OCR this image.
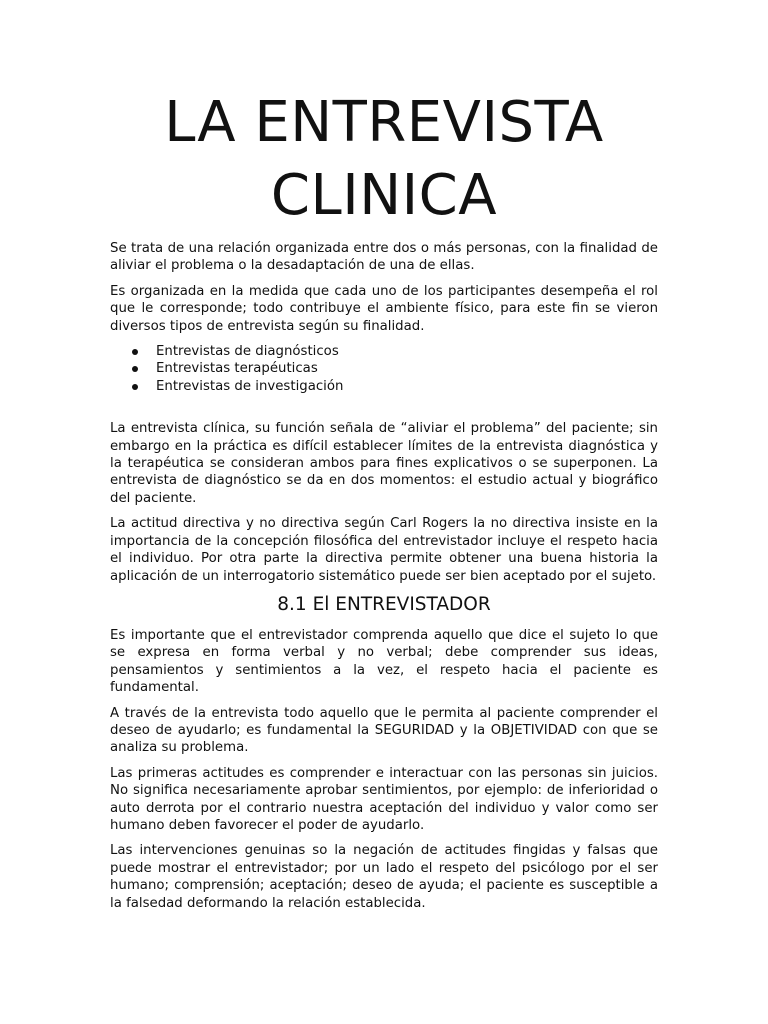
LA ENTREVISTA
CLINICA

Se trata de una relación organizada entre dos o más personas, con la finalidad de aliviar el problema o la desadaptación de una de ellas.

Es organizada en la medida que cada uno de los participantes desempeña el rol que le corresponde; todo contribuye el ambiente físico, para este fin se vieron diversos tipos de entrevista según su finalidad.

Entrevistas de diagnósticos
Entrevistas terapéuticas
Entrevistas de investigación

La entrevista clínica, su función señala de “aliviar el problema” del paciente; sin embargo en la práctica es difícil establecer límites de la entrevista diagnóstica y la terapéutica se consideran ambos para fines explicativos o se superponen. La entrevista de diagnóstico se da en dos momentos: el estudio actual y biográfico del paciente.

La actitud directiva y no directiva según Carl Rogers la no directiva insiste en la importancia de la concepción filosófica del entrevistador incluye el respeto hacia el individuo. Por otra parte la directiva permite obtener una buena historia la aplicación de un interrogatorio sistemático puede ser bien aceptado por el sujeto.

8.1 El ENTREVISTADOR

Es importante que el entrevistador comprenda aquello que dice el sujeto lo que se expresa en forma verbal y no verbal; debe comprender sus ideas, pensamientos y sentimientos a la vez, el respeto hacia el paciente es fundamental.

A través de la entrevista todo aquello que le permita al paciente comprender el deseo de ayudarlo; es fundamental la SEGURIDAD y la OBJETIVIDAD con que se analiza su problema.

Las primeras actitudes es comprender e interactuar con las personas sin juicios. No significa necesariamente aprobar sentimientos, por ejemplo: de inferioridad o auto derrota por el contrario nuestra aceptación del individuo y valor como ser humano deben favorecer el poder de ayudarlo.

Las intervenciones genuinas so la negación de actitudes fingidas y falsas que puede mostrar el entrevistador; por un lado el respeto del psicólogo por el ser humano; comprensión; aceptación; deseo de ayuda; el paciente es susceptible a la falsedad deformando la relación establecida.
